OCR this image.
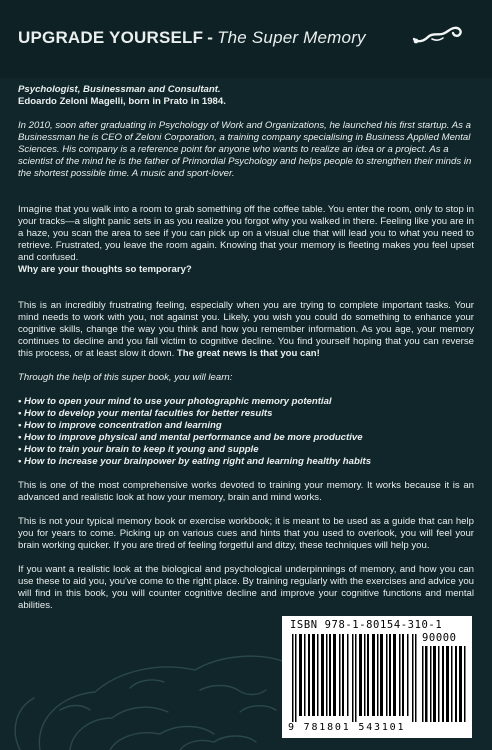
UPGRADE YOURSELF - The Super Memory

Psychologist, Businessman and Consultant.

Edoardo Zeloni Magelli, born in Prato in 1984.

In 2010, soon after graduating in Psychology of Work and Organizations, he launched his first startup. As a Businessman he is CEO of Zeloni Corporation, a training company specialising in Business Applied Mental Sciences. His company is a reference point for anyone who wants to realize an idea or a project. As a scientist of the mind he is the father of Primordial Psychology and helps people to strengthen their minds in the shortest possible time. A music and sport-lover.

Imagine that you walk into a room to grab something off the coffee table. You enter the room, only to stop in your tracks—a slight panic sets in as you realize you forgot why you walked in there. Feeling like you are in a haze, you scan the area to see if you can pick up on a visual clue that will lead you to what you need to retrieve. Frustrated, you leave the room again. Knowing that your memory is fleeting makes you feel upset and confused.

Why are your thoughts so temporary?

This is an incredibly frustrating feeling, especially when you are trying to complete important tasks. Your mind needs to work with you, not against you. Likely, you wish you could do something to enhance your cognitive skills, change the way you think and how you remember information. As you age, your memory continues to decline and you fall victim to cognitive decline. You find yourself hoping that you can reverse this process, or at least slow it down. The great news is that you can!

Through the help of this super book, you will learn:

• How to open your mind to use your photographic memory potential
• How to develop your mental faculties for better results
• How to improve concentration and learning
• How to improve physical and mental performance and be more productive
• How to train your brain to keep it young and supple
• How to increase your brainpower by eating right and learning healthy habits

This is one of the most comprehensive works devoted to training your memory. It works because it is an advanced and realistic look at how your memory, brain and mind works.

This is not your typical memory book or exercise workbook; it is meant to be used as a guide that can help you for years to come. Picking up on various cues and hints that you used to overlook, you will feel your brain working quicker. If you are tired of feeling forgetful and ditzy, these techniques will help you.

If you want a realistic look at the biological and psychological underpinnings of memory, and how you can use these to aid you, you've come to the right place. By training regularly with the exercises and advice you will find in this book, you will counter cognitive decline and improve your cognitive functions and mental abilities.

ISBN 978-1-80154-310-1
90000
9 781801 543101
